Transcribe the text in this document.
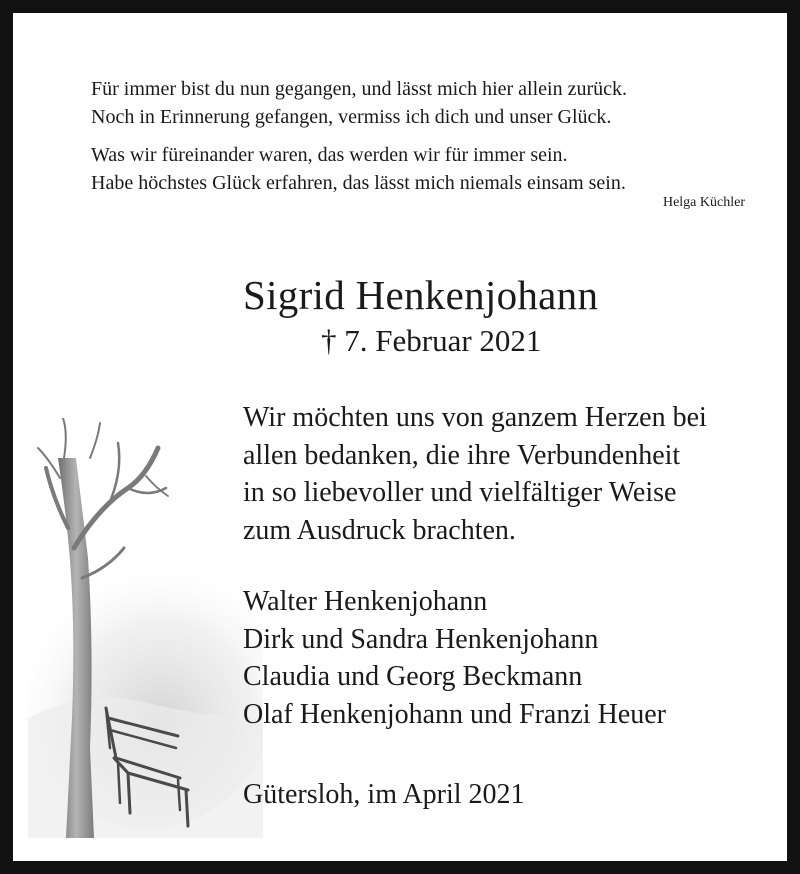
Für immer bist du nun gegangen, und lässt mich hier allein zurück.
Noch in Erinnerung gefangen, vermiss ich dich und unser Glück.
Was wir füreinander waren, das werden wir für immer sein.
Habe höchstes Glück erfahren, das lässt mich niemals einsam sein.
Helga Küchler
Sigrid Henkenjohann
† 7. Februar 2021
Wir möchten uns von ganzem Herzen bei
allen bedanken, die ihre Verbundenheit
in so liebevoller und vielfältiger Weise
zum Ausdruck brachten.
Walter Henkenjohann
Dirk und Sandra Henkenjohann
Claudia und Georg Beckmann
Olaf Henkenjohann und Franzi Heuer
Gütersloh, im April 2021
